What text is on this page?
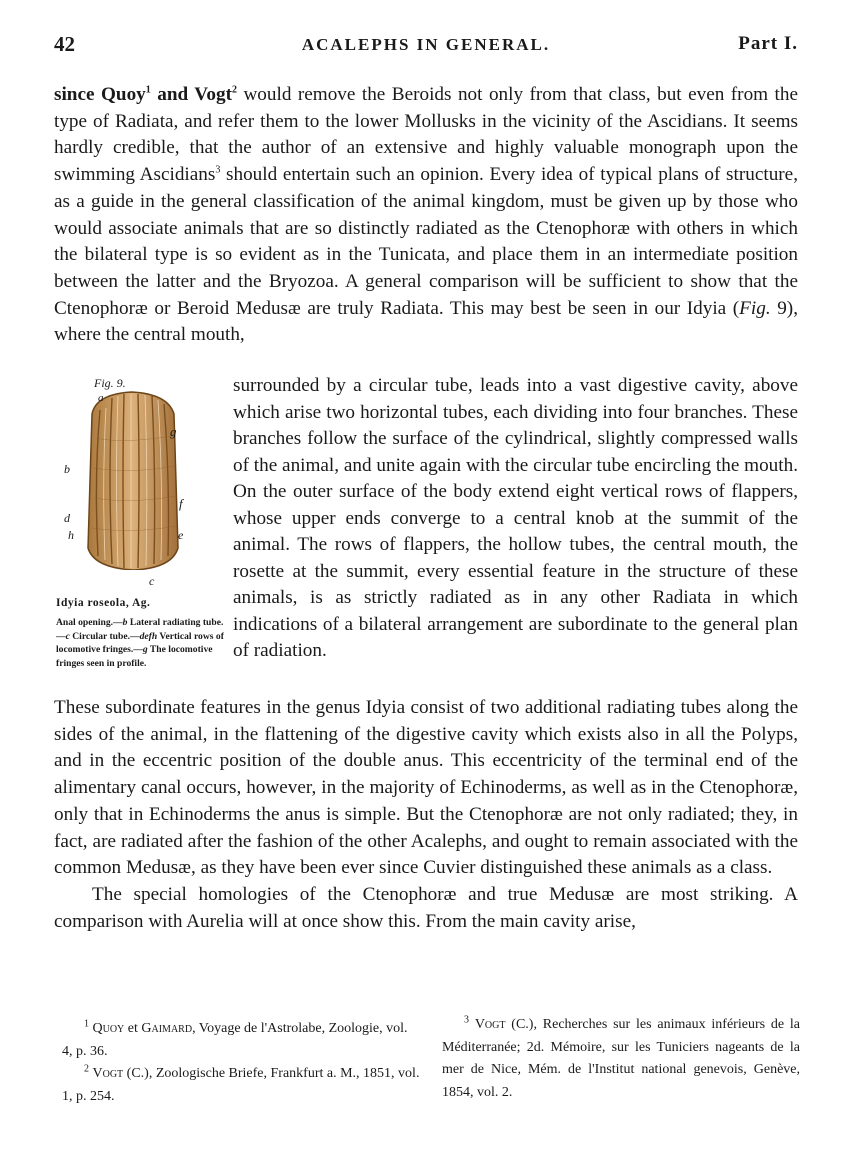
42	ACALEPHS IN GENERAL.	Part I.

since Quoy$^1$ and Vogt$^2$ would remove the Beroids not only from that class, but even from the type of Radiata, and refer them to the lower Mollusks in the vicinity of the Ascidians. It seems hardly credible, that the author of an extensive and highly valuable monograph upon the swimming Ascidians$^3$ should entertain such an opinion. Every idea of typical plans of structure, as a guide in the general classification of the animal kingdom, must be given up by those who would associate animals that are so distinctly radiated as the Ctenophoræ with others in which the bilateral type is so evident as in the Tunicata, and place them in an intermediate position between the latter and the Bryozoa. A general comparison will be sufficient to show that the Ctenophoræ or Beroid Medusæ are truly Radiata. This may best be seen in our Idyia (Fig. 9), where the central mouth,

Fig. 9.
a
g
b
f
d
h	e
c
Idyia roseola, Ag.
Anal opening.—b Lateral radiating tube.—c Circular tube.—defh Vertical rows of locomotive fringes.—g The locomotive fringes seen in profile.
surrounded by a circular tube, leads into a vast digestive cavity, above which arise two horizontal tubes, each dividing into four branches. These branches follow the surface of the cylindrical, slightly compressed walls of the animal, and unite again with the circular tube encircling the mouth. On the outer surface of the body extend eight vertical rows of flappers, whose upper ends converge to a central knob at the summit of the animal. The rows of flappers, the hollow tubes, the central mouth, the rosette at the summit, every essential feature in the structure of these animals, is as strictly radiated as in any other Radiata in which indications of a bilateral arrangement are subordinate to the general plan of radiation.

These subordinate features in the genus Idyia consist of two additional radiating tubes along the sides of the animal, in the flattening of the digestive cavity which exists also in all the Polyps, and in the eccentric position of the double anus. This eccentricity of the terminal end of the alimentary canal occurs, however, in the majority of Echinoderms, as well as in the Ctenophoræ, only that in Echinoderms the anus is simple. But the Ctenophoræ are not only radiated; they, in fact, are radiated after the fashion of the other Acalephs, and ought to remain associated with the common Medusæ, as they have been ever since Cuvier distinguished these animals as a class.

The special homologies of the Ctenophoræ and true Medusæ are most striking. A comparison with Aurelia will at once show this. From the main cavity arise,

$^1$ Quoy et Gaimard, Voyage de l'Astrolabe, Zoologie, vol. 4, p. 36.

$^2$ Vogt (C.), Zoologische Briefe, Frankfurt a. M., 1851, vol. 1, p. 254.

$^3$ Vogt (C.), Recherches sur les animaux inférieurs de la Méditerranée; 2d. Mémoire, sur les Tuniciers nageants de la mer de Nice, Mém. de l'Institut national genevois, Genève, 1854, vol. 2.
